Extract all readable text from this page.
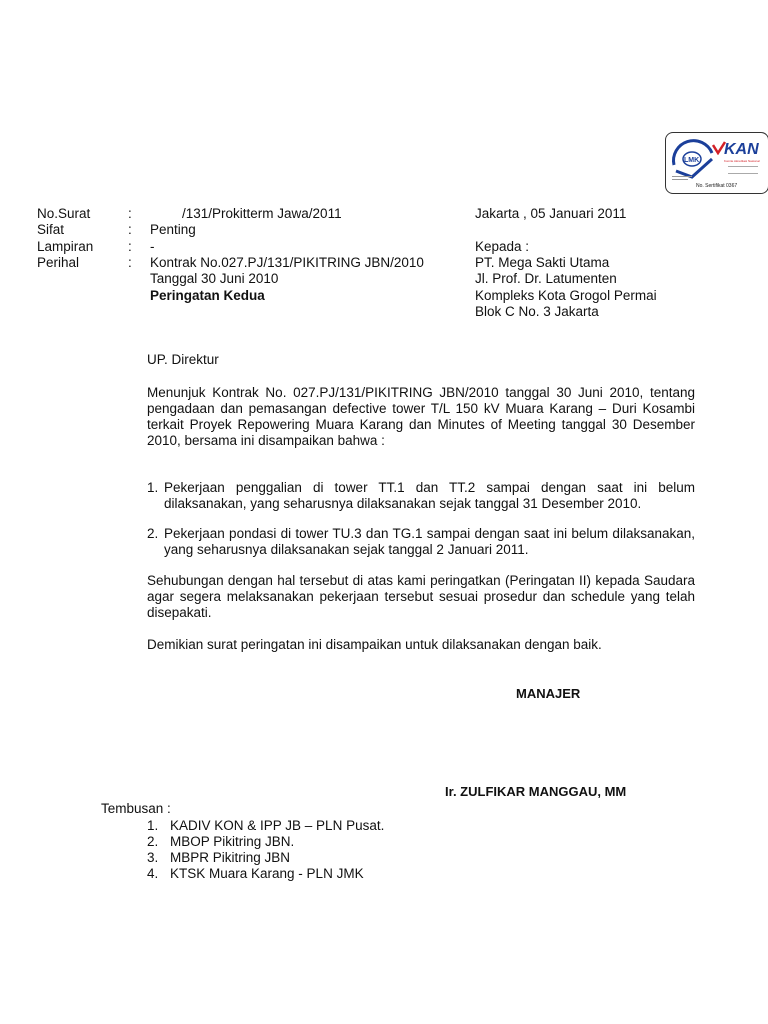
LMK
KAN
Komite Akreditasi Nasional
No. Sertifikat 0367
No.Surat	:	/131/Prokitterm Jawa/2011
Sifat	: Penting
Lampiran	: -
Perihal	: Kontrak No.027.PJ/131/PIKITRING JBN/2010
Tanggal 30 Juni 2010
Peringatan Kedua
Jakarta , 05 Januari 2011
Kepada :
PT. Mega Sakti Utama
Jl. Prof. Dr. Latumenten
Kompleks Kota Grogol Permai
Blok C No. 3 Jakarta
UP. Direktur
Menunjuk Kontrak No. 027.PJ/131/PIKITRING JBN/2010 tanggal 30 Juni 2010, tentang pengadaan dan pemasangan defective tower T/L 150 kV Muara Karang – Duri Kosambi terkait Proyek Repowering Muara Karang dan Minutes of Meeting tanggal 30 Desember 2010, bersama ini disampaikan bahwa :
1. Pekerjaan penggalian di tower TT.1 dan TT.2 sampai dengan saat ini belum dilaksanakan, yang seharusnya dilaksanakan sejak tanggal 31 Desember 2010.
2. Pekerjaan pondasi di tower TU.3 dan TG.1 sampai dengan saat ini belum dilaksanakan, yang seharusnya dilaksanakan sejak tanggal 2 Januari 2011.
Sehubungan dengan hal tersebut di atas kami peringatkan (Peringatan II) kepada Saudara agar segera melaksanakan pekerjaan tersebut sesuai prosedur dan schedule yang telah disepakati.
Demikian surat peringatan ini disampaikan untuk dilaksanakan dengan baik.
MANAJER
Ir. ZULFIKAR MANGGAU, MM
Tembusan :
1. KADIV KON & IPP JB – PLN Pusat.
2. MBOP Pikitring JBN.
3. MBPR Pikitring JBN
4. KTSK Muara Karang - PLN JMK
